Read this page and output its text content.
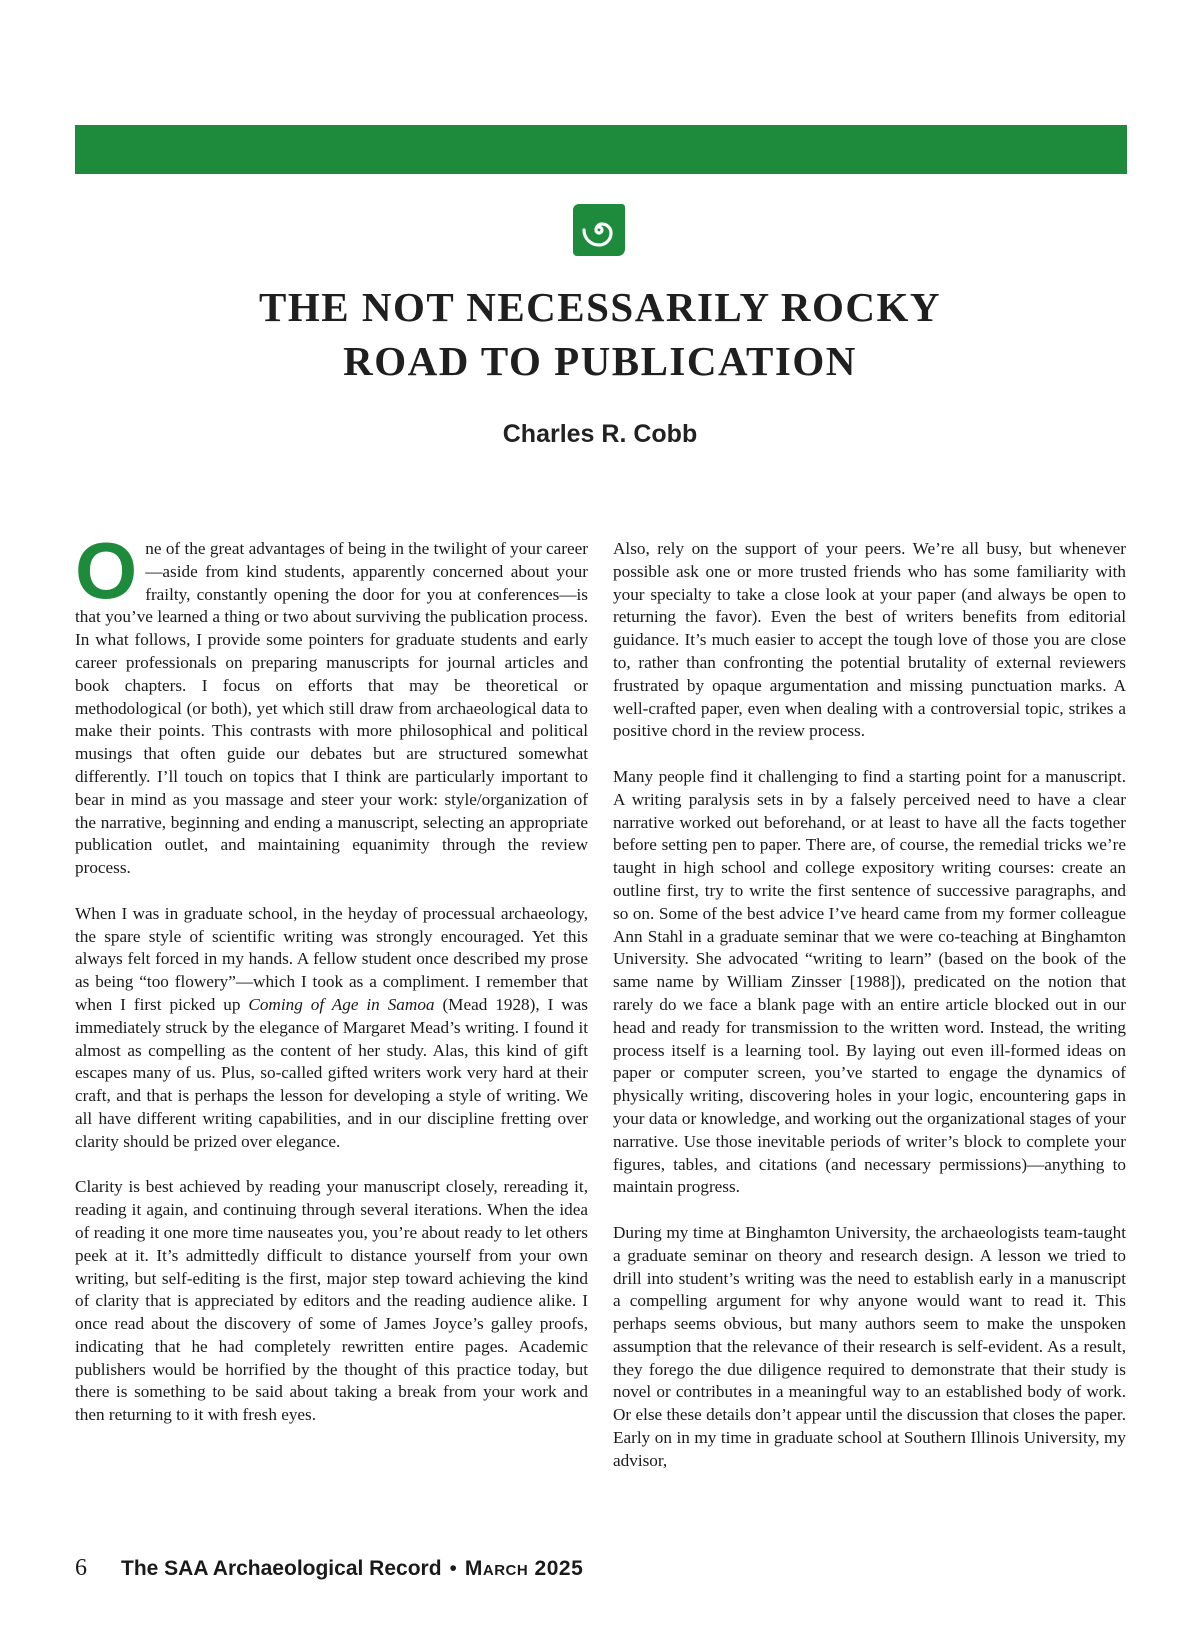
THE NOT NECESSARILY ROCKY
ROAD TO PUBLICATION
Charles R. Cobb

One of the great advantages of being in the twilight of your career—aside from kind students, apparently concerned about your frailty, constantly opening the door for you at conferences—is that you’ve learned a thing or two about surviving the publication process. In what follows, I provide some pointers for graduate students and early career professionals on preparing manuscripts for journal articles and book chapters. I focus on efforts that may be theoretical or methodological (or both), yet which still draw from archaeological data to make their points. This contrasts with more philosophical and political musings that often guide our debates but are structured somewhat differently. I’ll touch on topics that I think are particularly important to bear in mind as you massage and steer your work: style/organization of the narrative, beginning and ending a manuscript, selecting an appropriate publication outlet, and maintaining equanimity through the review process.

When I was in graduate school, in the heyday of processual archaeology, the spare style of scientific writing was strongly encouraged. Yet this always felt forced in my hands. A fellow student once described my prose as being “too flowery”—which I took as a compliment. I remember that when I first picked up Coming of Age in Samoa (Mead 1928), I was immediately struck by the elegance of Margaret Mead’s writing. I found it almost as compelling as the content of her study. Alas, this kind of gift escapes many of us. Plus, so-called gifted writers work very hard at their craft, and that is perhaps the lesson for developing a style of writing. We all have different writing capabilities, and in our discipline fretting over clarity should be prized over elegance.

Clarity is best achieved by reading your manuscript closely, rereading it, reading it again, and continuing through several iterations. When the idea of reading it one more time nauseates you, you’re about ready to let others peek at it. It’s admittedly difficult to distance yourself from your own writing, but self-editing is the first, major step toward achieving the kind of clarity that is appreciated by editors and the reading audience alike. I once read about the discovery of some of James Joyce’s galley proofs, indicating that he had completely rewritten entire pages. Academic publishers would be horrified by the thought of this practice today, but there is something to be said about taking a break from your work and then returning to it with fresh eyes.

Also, rely on the support of your peers. We’re all busy, but whenever possible ask one or more trusted friends who has some familiarity with your specialty to take a close look at your paper (and always be open to returning the favor). Even the best of writers benefits from editorial guidance. It’s much easier to accept the tough love of those you are close to, rather than confronting the potential brutality of external reviewers frustrated by opaque argumentation and missing punctuation marks. A well-crafted paper, even when dealing with a controversial topic, strikes a positive chord in the review process.

Many people find it challenging to find a starting point for a manuscript. A writing paralysis sets in by a falsely perceived need to have a clear narrative worked out beforehand, or at least to have all the facts together before setting pen to paper. There are, of course, the remedial tricks we’re taught in high school and college expository writing courses: create an outline first, try to write the first sentence of successive paragraphs, and so on. Some of the best advice I’ve heard came from my former colleague Ann Stahl in a graduate seminar that we were co-teaching at Binghamton University. She advocated “writing to learn” (based on the book of the same name by William Zinsser [1988]), predicated on the notion that rarely do we face a blank page with an entire article blocked out in our head and ready for transmission to the written word. Instead, the writing process itself is a learning tool. By laying out even ill-formed ideas on paper or computer screen, you’ve started to engage the dynamics of physically writing, discovering holes in your logic, encountering gaps in your data or knowledge, and working out the organizational stages of your narrative. Use those inevitable periods of writer’s block to complete your figures, tables, and citations (and necessary permissions)—anything to maintain progress.

During my time at Binghamton University, the archaeologists team-taught a graduate seminar on theory and research design. A lesson we tried to drill into student’s writing was the need to establish early in a manuscript a compelling argument for why anyone would want to read it. This perhaps seems obvious, but many authors seem to make the unspoken assumption that the relevance of their research is self-evident. As a result, they forego the due diligence required to demonstrate that their study is novel or contributes in a meaningful way to an established body of work. Or else these details don’t appear until the discussion that closes the paper. Early on in my time in graduate school at Southern Illinois University, my advisor,

6 The SAA Archaeological Record • March 2025
